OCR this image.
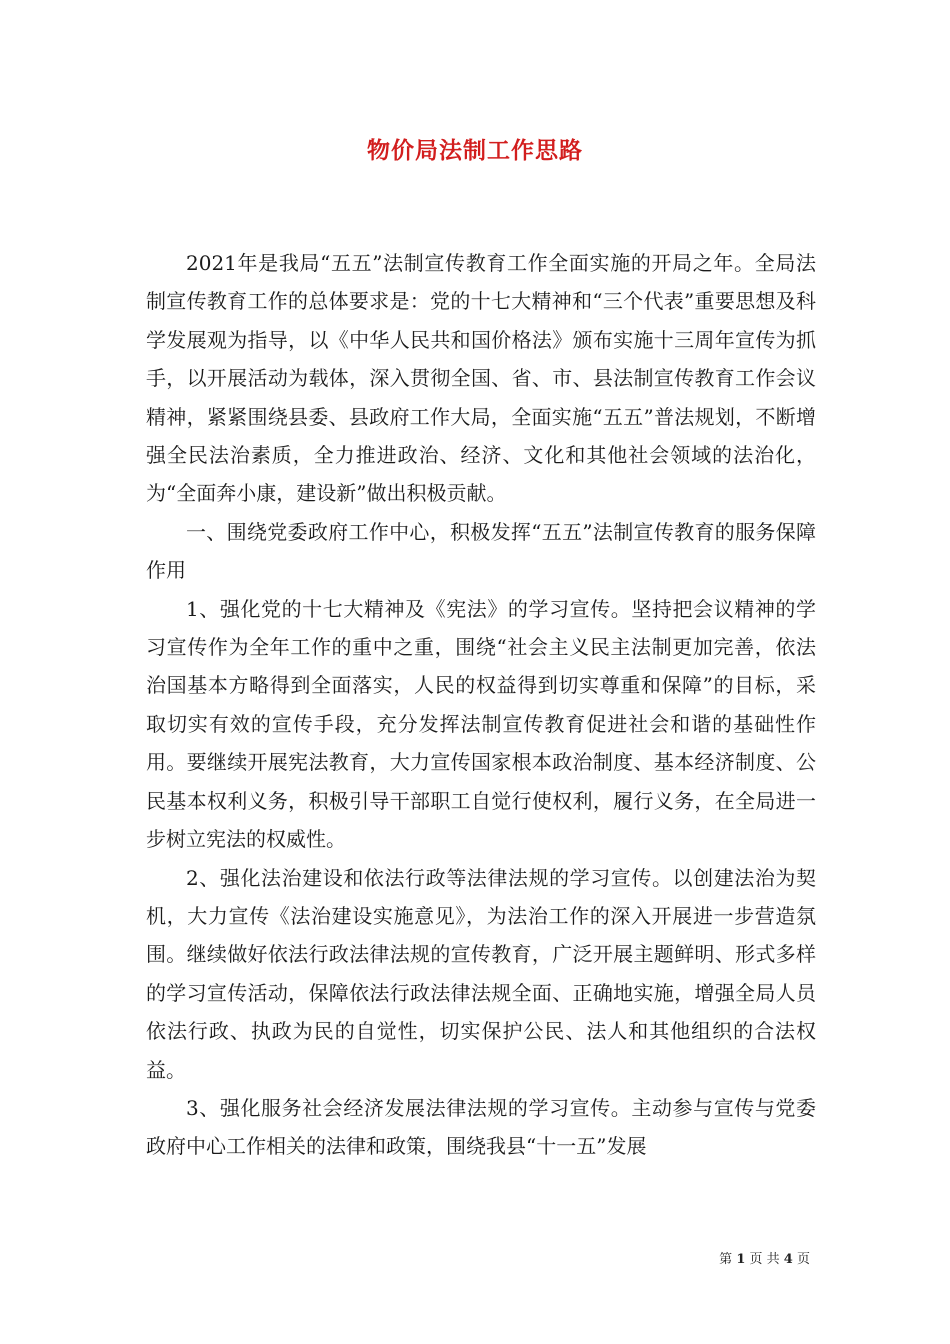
物价局法制工作思路

2021年是我局“五五”法制宣传教育工作全面实施的开局之年。全局法制宣传教育工作的总体要求是：党的十七大精神和“三个代表”重要思想及科学发展观为指导，以《中华人民共和国价格法》颁布实施十三周年宣传为抓手，以开展活动为载体，深入贯彻全国、省、市、县法制宣传教育工作会议精神，紧紧围绕县委、县政府工作大局，全面实施“五五”普法规划，不断增强全民法治素质，全力推进政治、经济、文化和其他社会领域的法治化，为“全面奔小康，建设新”做出积极贡献。

一、围绕党委政府工作中心，积极发挥“五五”法制宣传教育的服务保障作用

1、强化党的十七大精神及《宪法》的学习宣传。坚持把会议精神的学习宣传作为全年工作的重中之重，围绕“社会主义民主法制更加完善，依法治国基本方略得到全面落实，人民的权益得到切实尊重和保障”的目标，采取切实有效的宣传手段，充分发挥法制宣传教育促进社会和谐的基础性作用。要继续开展宪法教育，大力宣传国家根本政治制度、基本经济制度、公民基本权利义务，积极引导干部职工自觉行使权利，履行义务，在全局进一步树立宪法的权威性。

2、强化法治建设和依法行政等法律法规的学习宣传。以创建法治为契机，大力宣传《法治建设实施意见》，为法治工作的深入开展进一步营造氛围。继续做好依法行政法律法规的宣传教育，广泛开展主题鲜明、形式多样的学习宣传活动，保障依法行政法律法规全面、正确地实施，增强全局人员依法行政、执政为民的自觉性，切实保护公民、法人和其他组织的合法权益。

3、强化服务社会经济发展法律法规的学习宣传。主动参与宣传与党委政府中心工作相关的法律和政策，围绕我县“十一五”发展

第 1 页 共 4 页
